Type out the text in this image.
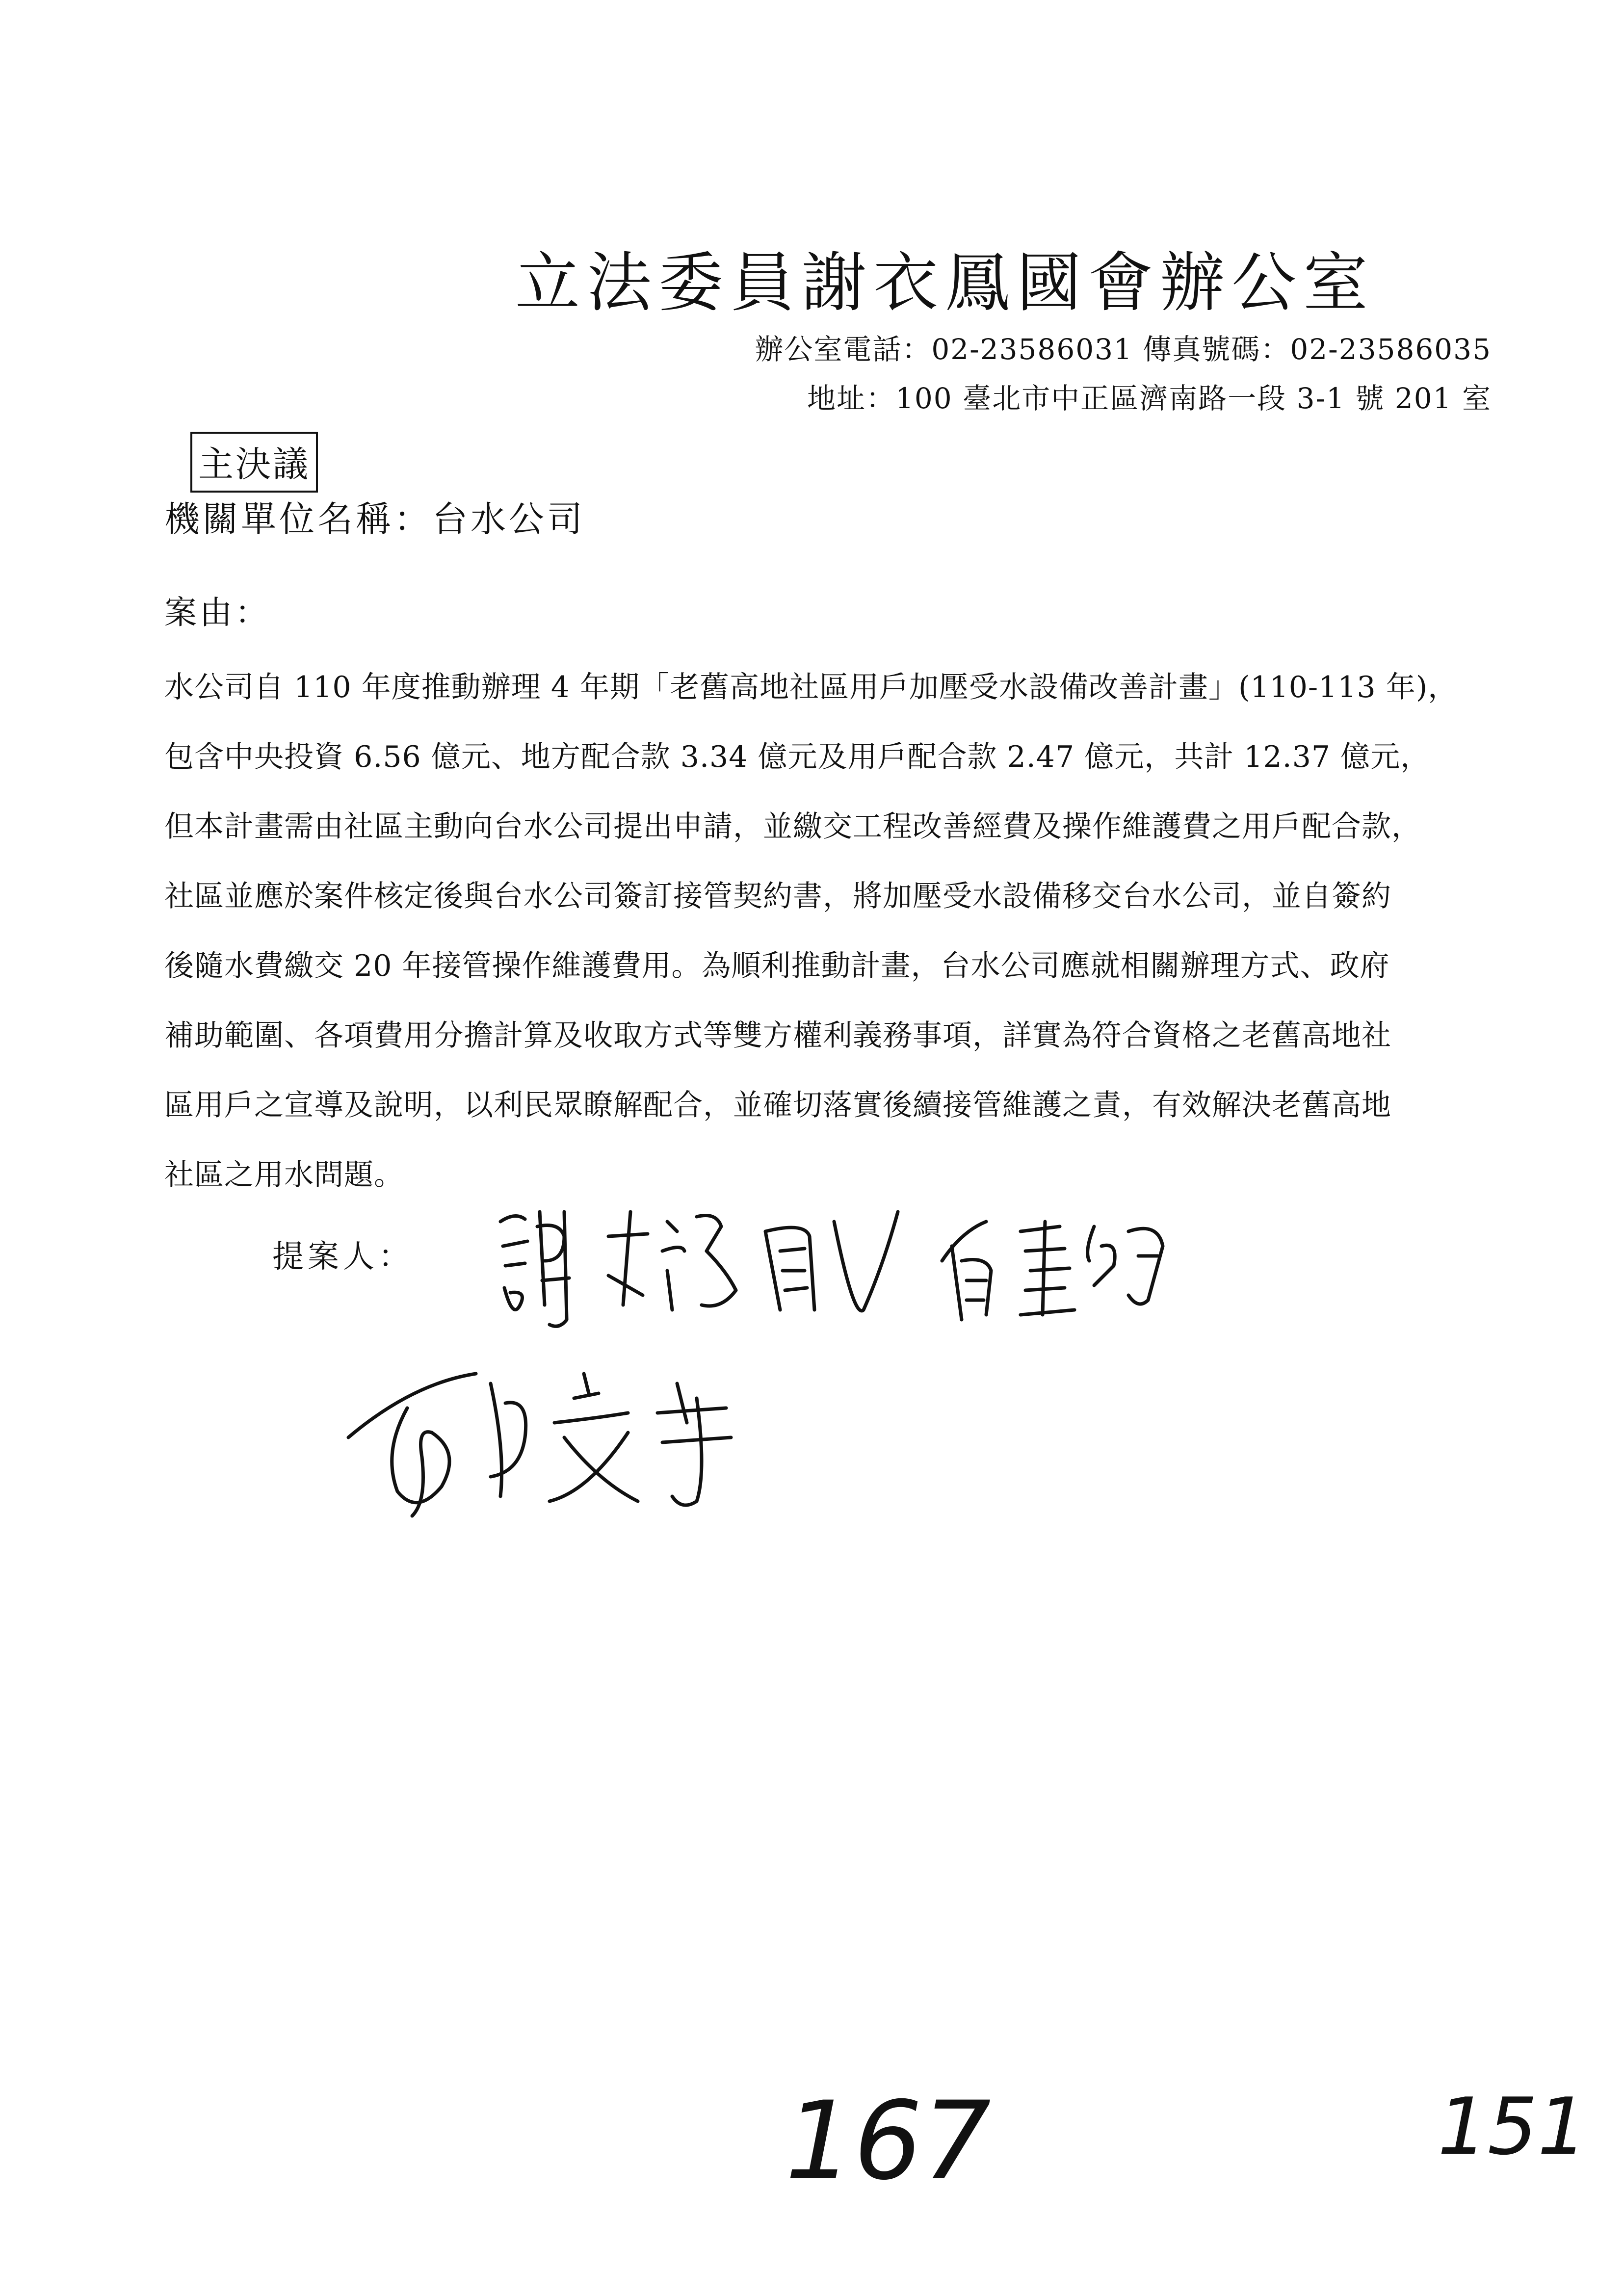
立法委員謝衣鳳國會辦公室
辦公室電話：02-23586031 傳真號碼：02-23586035
地址：100 臺北市中正區濟南路一段 3-1 號 201 室
主決議
機關單位名稱：台水公司
案由：
水公司自 110 年度推動辦理 4 年期「老舊高地社區用戶加壓受水設備改善計畫」(110-113 年)，
包含中央投資 6.56 億元、地方配合款 3.34 億元及用戶配合款 2.47 億元，共計 12.37 億元，
但本計畫需由社區主動向台水公司提出申請，並繳交工程改善經費及操作維護費之用戶配合款，
社區並應於案件核定後與台水公司簽訂接管契約書，將加壓受水設備移交台水公司，並自簽約
後隨水費繳交 20 年接管操作維護費用。為順利推動計畫，台水公司應就相關辦理方式、政府
補助範圍、各項費用分擔計算及收取方式等雙方權利義務事項，詳實為符合資格之老舊高地社
區用戶之宣導及說明，以利民眾瞭解配合，並確切落實後續接管維護之責，有效解決老舊高地
社區之用水問題。
提案人：
167	151
